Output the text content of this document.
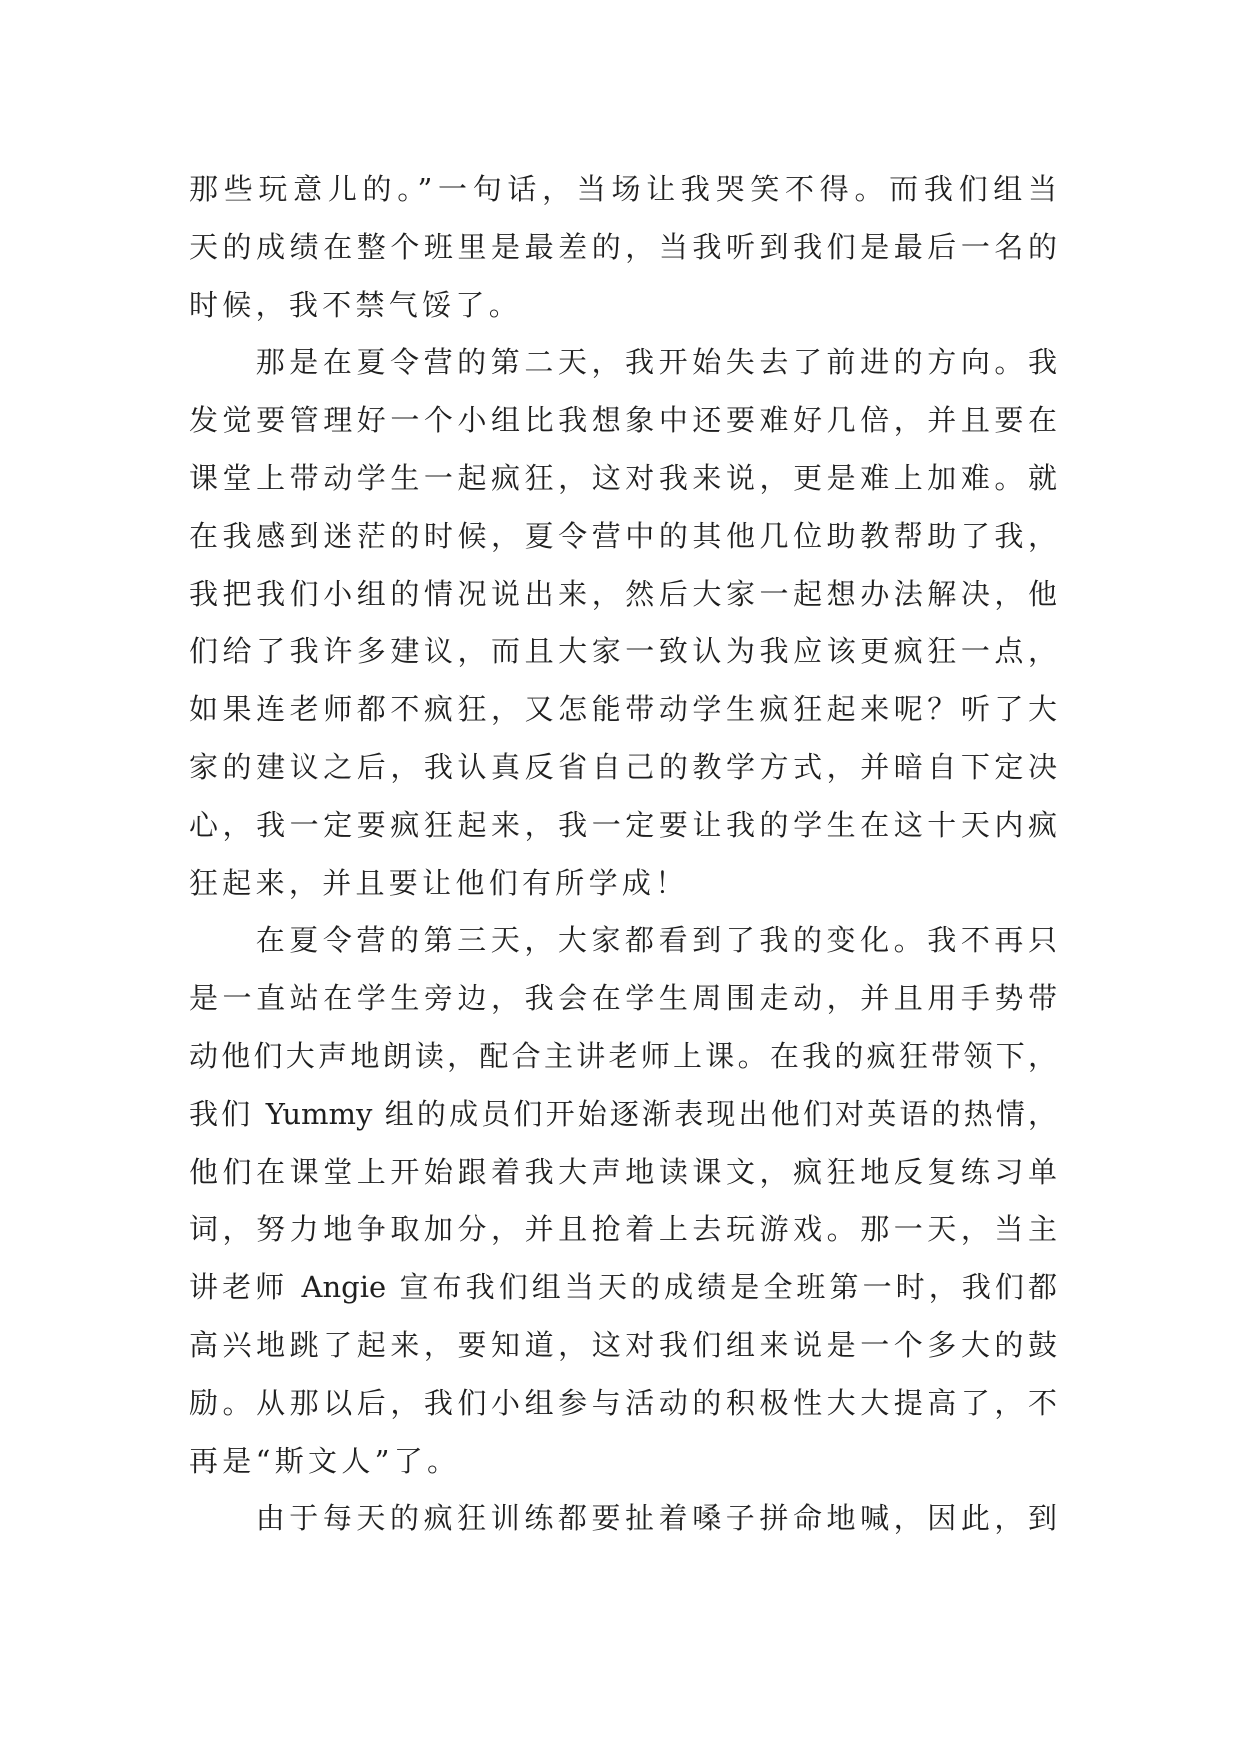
那些玩意儿的。”一句话，当场让我哭笑不得。而我们组当
天的成绩在整个班里是最差的，当我听到我们是最后一名的
时候，我不禁气馁了。
那是在夏令营的第二天，我开始失去了前进的方向。我
发觉要管理好一个小组比我想象中还要难好几倍，并且要在
课堂上带动学生一起疯狂，这对我来说，更是难上加难。就
在我感到迷茫的时候，夏令营中的其他几位助教帮助了我，
我把我们小组的情况说出来，然后大家一起想办法解决，他
们给了我许多建议，而且大家一致认为我应该更疯狂一点，
如果连老师都不疯狂，又怎能带动学生疯狂起来呢？听了大
家的建议之后，我认真反省自己的教学方式，并暗自下定决
心，我一定要疯狂起来，我一定要让我的学生在这十天内疯
狂起来，并且要让他们有所学成！
在夏令营的第三天，大家都看到了我的变化。我不再只
是一直站在学生旁边，我会在学生周围走动，并且用手势带
动他们大声地朗读，配合主讲老师上课。在我的疯狂带领下，
我们 Yummy 组的成员们开始逐渐表现出他们对英语的热情，
他们在课堂上开始跟着我大声地读课文，疯狂地反复练习单
词，努力地争取加分，并且抢着上去玩游戏。那一天，当主
讲老师 Angie 宣布我们组当天的成绩是全班第一时，我们都
高兴地跳了起来，要知道，这对我们组来说是一个多大的鼓
励。从那以后，我们小组参与活动的积极性大大提高了，不
再是“斯文人”了。
由于每天的疯狂训练都要扯着嗓子拼命地喊，因此，到
